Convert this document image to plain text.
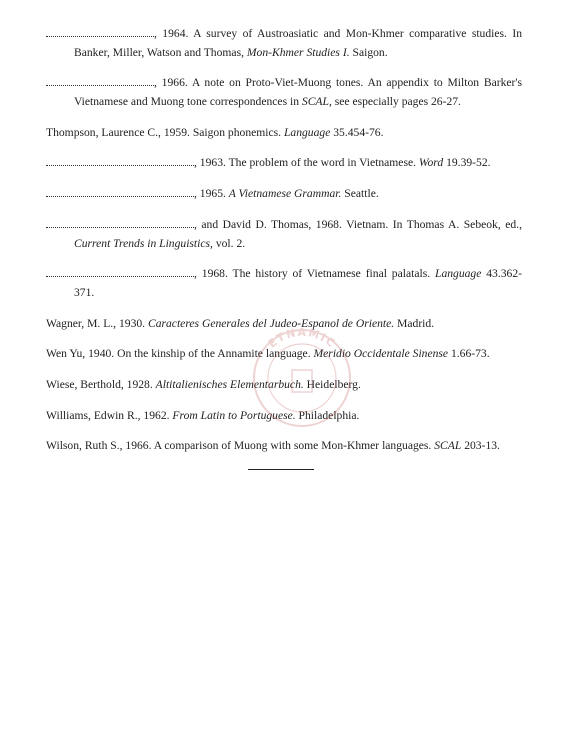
, 1964. A survey of Austroasiatic and Mon-Khmer comparative studies. In Banker, Miller, Watson and Thomas, Mon-Khmer Studies I. Saigon.

, 1966. A note on Proto-Viet-Muong tones. An appendix to Milton Barker's Vietnamese and Muong tone correspondences in SCAL, see especially pages 26-27.

Thompson, Laurence C., 1959. Saigon phonemics. Language 35.454-76.

, 1963. The problem of the word in Vietnamese. Word 19.39-52.

, 1965. A Vietnamese Grammar. Seattle.

, and David D. Thomas, 1968. Vietnam. In Thomas A. Sebeok, ed., Current Trends in Linguistics, vol. 2.

, 1968. The history of Vietnamese final palatals. Language 43.362-371.

Wagner, M. L., 1930. Caracteres Generales del Judeo-Espanol de Oriente. Madrid.

Wen Yu, 1940. On the kinship of the Annamite language. Meridio Occidentale Sinense 1.66-73.

Wiese, Berthold, 1928. Altitalienisches Elementarbuch. Heidelberg.

Williams, Edwin R., 1962. From Latin to Portuguese. Philadelphia.

Wilson, Ruth S., 1966. A comparison of Muong with some Mon-Khmer languages. SCAL 203-13.

ETNAMIC
